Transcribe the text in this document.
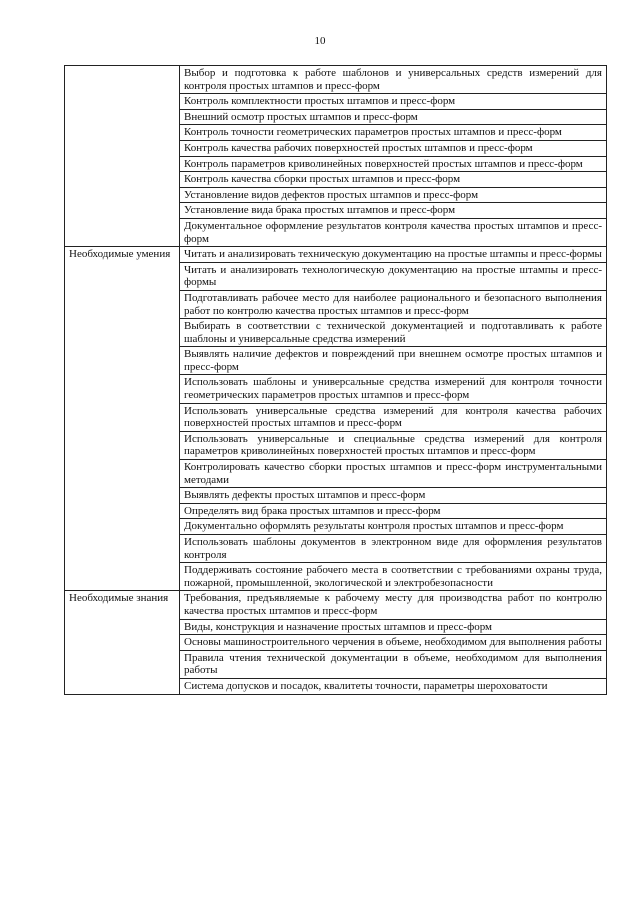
10
	Выбор и подготовка к работе шаблонов и универсальных средств измерений для контроля простых штампов и пресс-форм
	Контроль комплектности простых штампов и пресс-форм
	Внешний осмотр простых штампов и пресс-форм
	Контроль точности геометрических параметров простых штампов и пресс-форм
	Контроль качества рабочих поверхностей простых штампов и пресс-форм
	Контроль параметров криволинейных поверхностей простых штампов и пресс-форм
	Контроль качества сборки простых штампов и пресс-форм
	Установление видов дефектов простых штампов и пресс-форм
	Установление вида брака простых штампов и пресс-форм
	Документальное оформление результатов контроля качества простых штампов и пресс-форм
Необходимые умения	Читать и анализировать техническую документацию на простые штампы и пресс-формы
	Читать и анализировать технологическую документацию на простые штампы и пресс-формы
	Подготавливать рабочее место для наиболее рационального и безопасного выполнения работ по контролю качества простых штампов и пресс-форм
	Выбирать в соответствии с технической документацией и подготавливать к работе шаблоны и универсальные средства измерений
	Выявлять наличие дефектов и повреждений при внешнем осмотре простых штампов и пресс-форм
	Использовать шаблоны и универсальные средства измерений для контроля точности геометрических параметров простых штампов и пресс-форм
	Использовать универсальные средства измерений для контроля качества рабочих поверхностей простых штампов и пресс-форм
	Использовать универсальные и специальные средства измерений для контроля параметров криволинейных поверхностей простых штампов и пресс-форм
	Контролировать качество сборки простых штампов и пресс-форм инструментальными методами
	Выявлять дефекты простых штампов и пресс-форм
	Определять вид брака простых штампов и пресс-форм
	Документально оформлять результаты контроля простых штампов и пресс-форм
	Использовать шаблоны документов в электронном виде для оформления результатов контроля
	Поддерживать состояние рабочего места в соответствии с требованиями охраны труда, пожарной, промышленной, экологической и электробезопасности
Необходимые знания	Требования, предъявляемые к рабочему месту для производства работ по контролю качества простых штампов и пресс-форм
	Виды, конструкция и назначение простых штампов и пресс-форм
	Основы машиностроительного черчения в объеме, необходимом для выполнения работы
	Правила чтения технической документации в объеме, необходимом для выполнения работы
	Система допусков и посадок, квалитеты точности, параметры шероховатости
